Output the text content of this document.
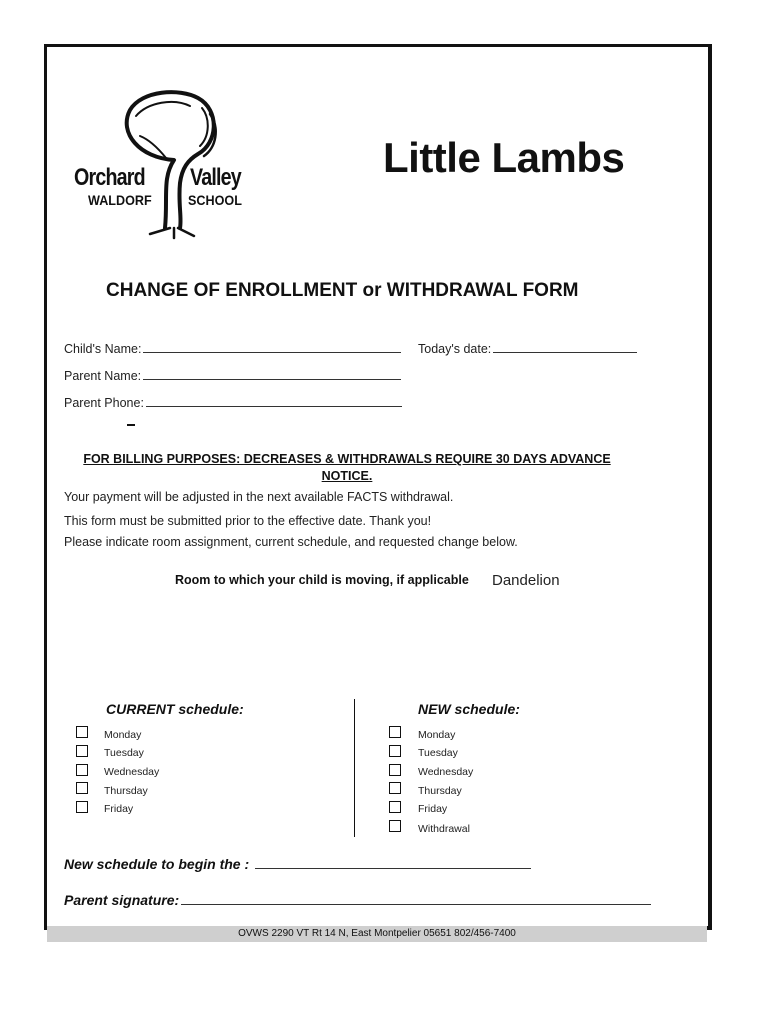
Orchard Valley
WALDORF	SCHOOL
Little Lambs
CHANGE OF ENROLLMENT or WITHDRAWAL FORM
Child's Name:	Today's date:
Parent Name:
Parent Phone:
FOR BILLING PURPOSES: DECREASES & WITHDRAWALS REQUIRE 30 DAYS ADVANCE NOTICE.
Your payment will be adjusted in the next available FACTS withdrawal.
This form must be submitted prior to the effective date. Thank you!
Please indicate room assignment, current schedule, and requested change below.
Room to which your child is moving, if applicable Dandelion
CURRENT schedule:	NEW schedule:
Monday
Tuesday
Wednesday
Thursday
Friday
Monday
Tuesday
Wednesday
Thursday
Friday
Withdrawal
New schedule to begin the :
Parent signature:
OVWS 2290 VT Rt 14 N, East Montpelier 05651 802/456-7400
